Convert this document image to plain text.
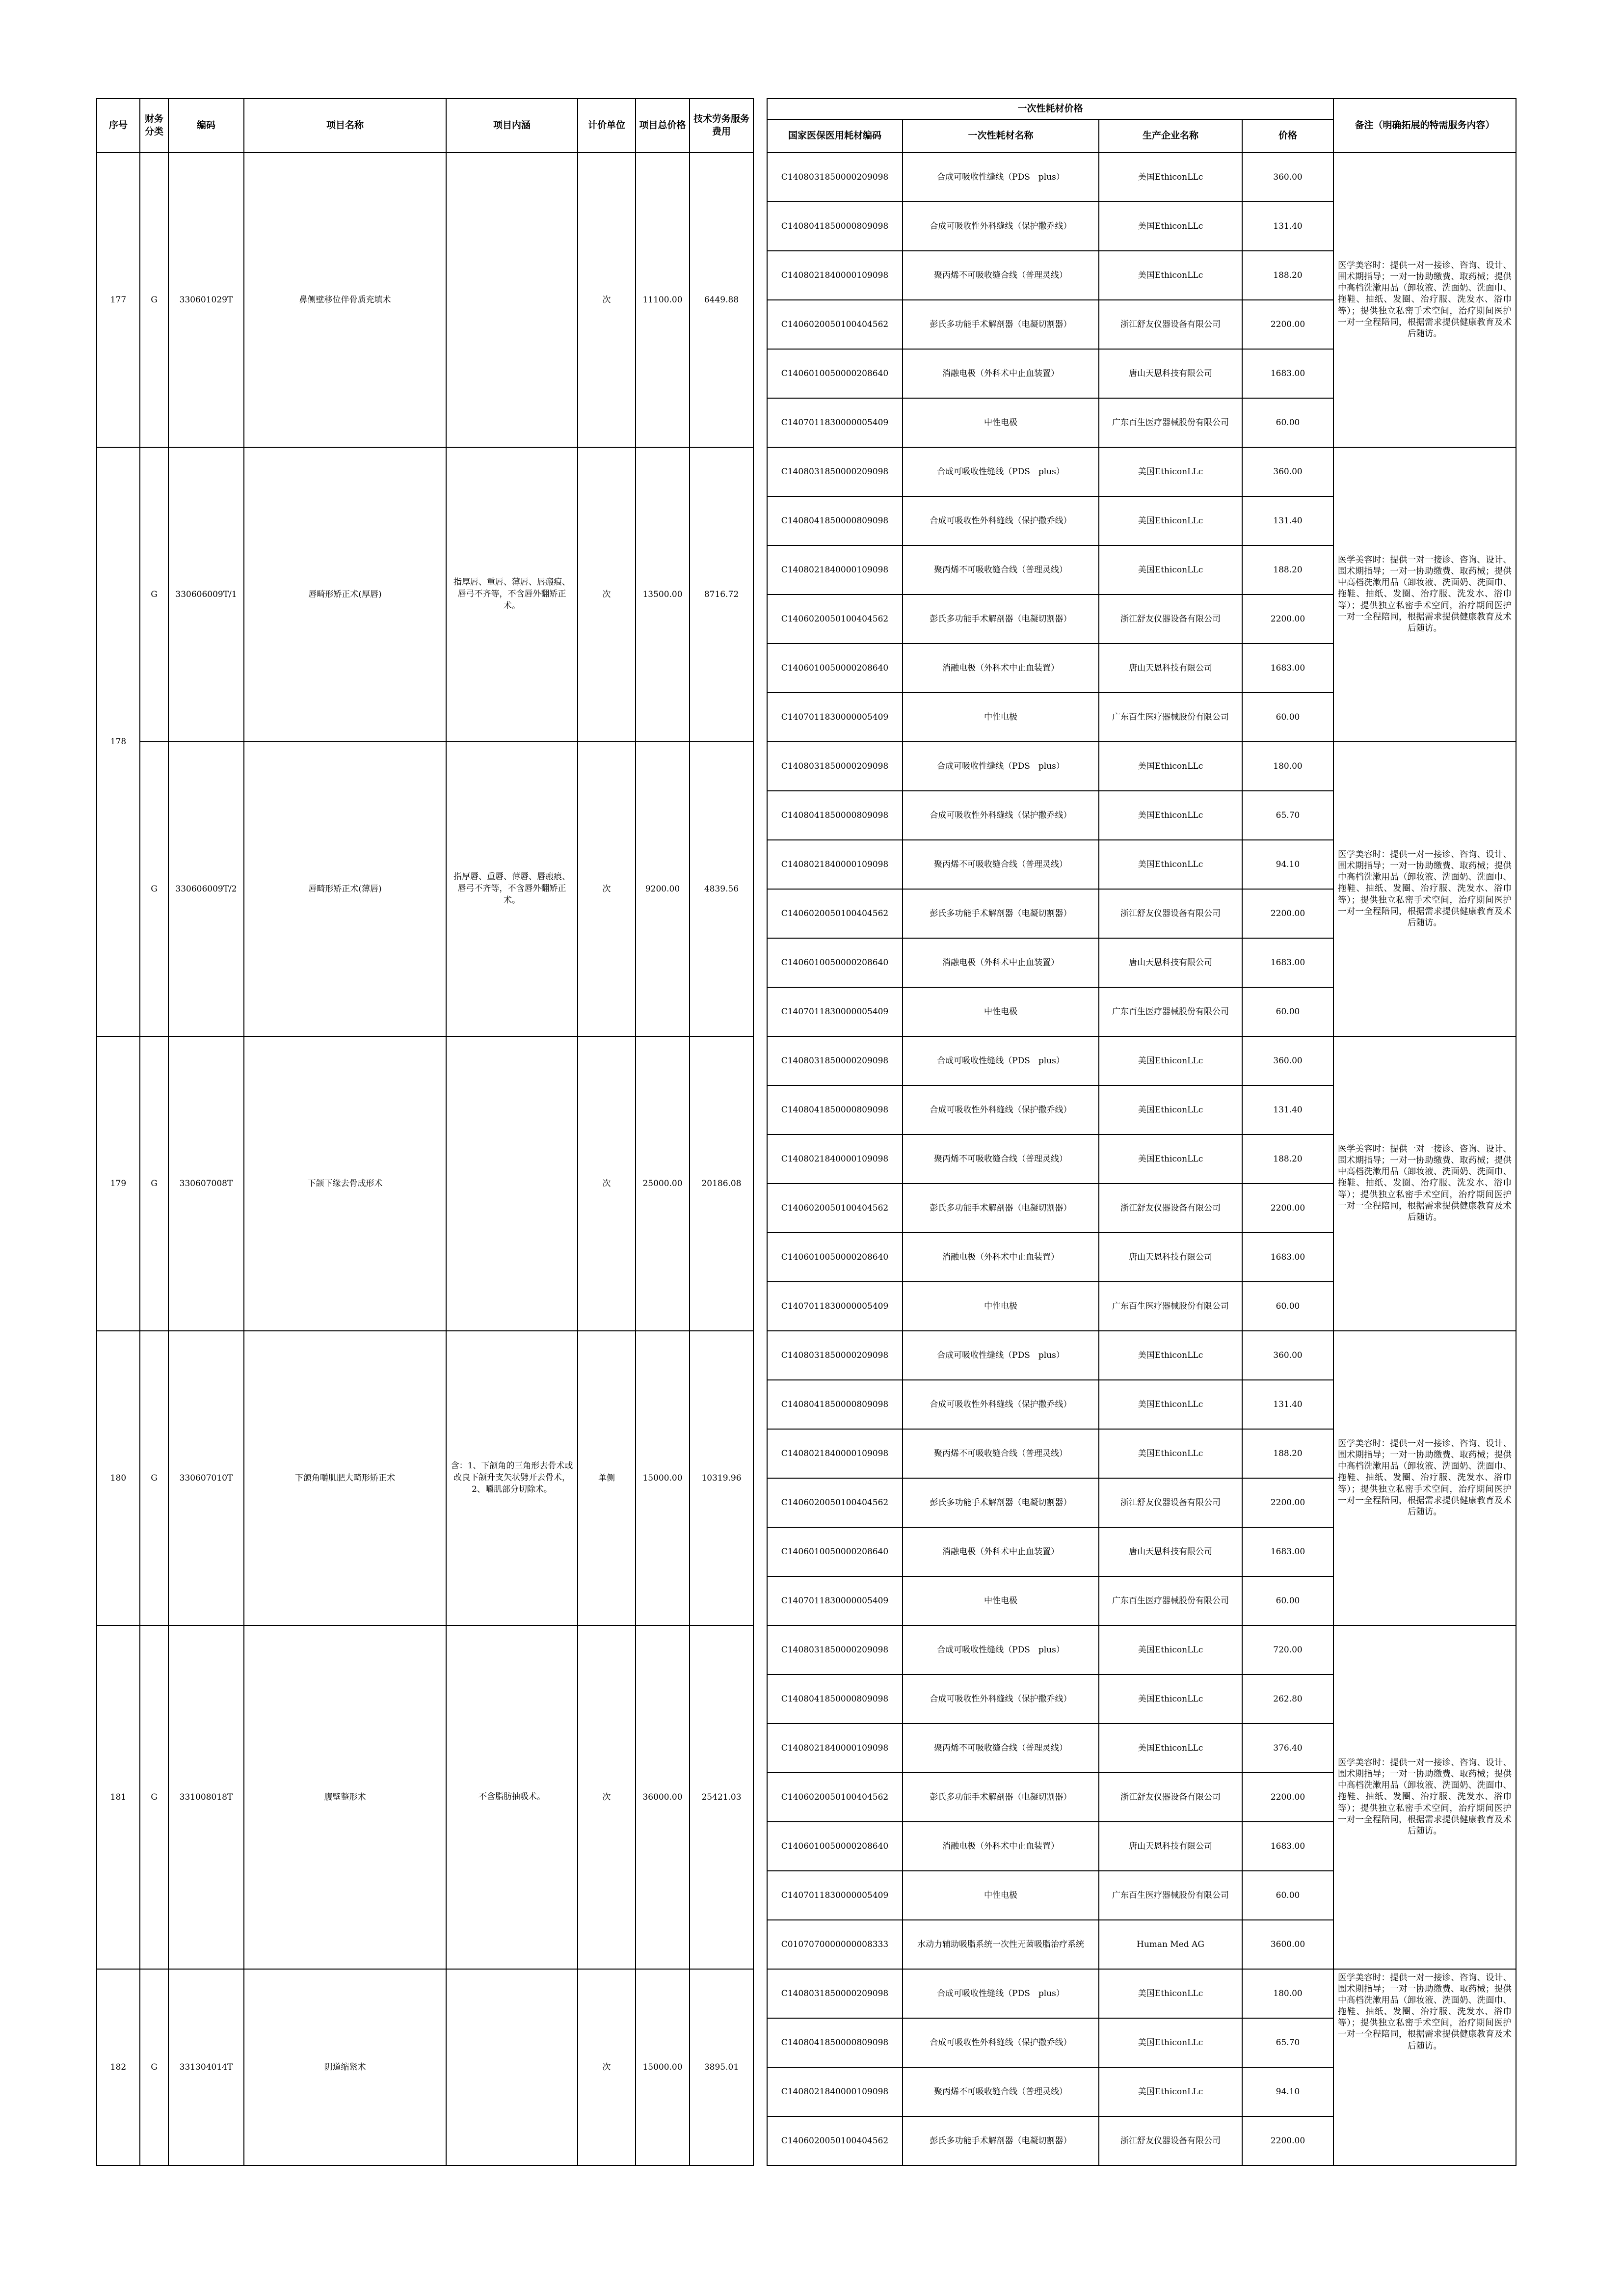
序号	财务分类	编码	项目名称	项目内涵	计价单位	项目总价格	技术劳务服务费用		一次性耗材价格				备注（明确拓展的特需服务内容）
									国家医保医用耗材编码	一次性耗材名称	生产企业名称	价格	
177	G	330601029T	鼻侧壁移位伴骨质充填术		次	11100.00	6449.88		C1408031850000209098	合成可吸收性缝线（PDS　plus）	美国EthiconLLc	360.00	医学美容时：提供一对一接诊、咨询、设计、围术期指导；一对一协助缴费、取药械；提供中高档洗漱用品（卸妆液、洗面奶、洗面巾、拖鞋、抽纸、发圈、治疗服、洗发水、浴巾等）；提供独立私密手术空间，治疗期间医护一对一全程陪同，根据需求提供健康教育及术后随访。
									C1408041850000809098	合成可吸收性外科缝线（保护撒乔线）	美国EthiconLLc	131.40	
									C1408021840000109098	聚丙烯不可吸收缝合线（普理灵线）	美国EthiconLLc	188.20	
									C1406020050100404562	彭氏多功能手术解剖器（电凝切割器）	浙江舒友仪器设备有限公司	2200.00	
									C1406010050000208640	消融电极（外科术中止血装置）	唐山天恩科技有限公司	1683.00	
									C1407011830000005409	中性电极	广东百生医疗器械股份有限公司	60.00	
178	G	330606009T/1	唇畸形矫正术(厚唇)	指厚唇、重唇、薄唇、唇瘢痕、唇弓不齐等，不含唇外翻矫正术。	次	13500.00	8716.72		C1408031850000209098	合成可吸收性缝线（PDS　plus）	美国EthiconLLc	360.00	医学美容时：提供一对一接诊、咨询、设计、围术期指导；一对一协助缴费、取药械；提供中高档洗漱用品（卸妆液、洗面奶、洗面巾、拖鞋、抽纸、发圈、治疗服、洗发水、浴巾等）；提供独立私密手术空间，治疗期间医护一对一全程陪同，根据需求提供健康教育及术后随访。
									C1408041850000809098	合成可吸收性外科缝线（保护撒乔线）	美国EthiconLLc	131.40	
									C1408021840000109098	聚丙烯不可吸收缝合线（普理灵线）	美国EthiconLLc	188.20	
									C1406020050100404562	彭氏多功能手术解剖器（电凝切割器）	浙江舒友仪器设备有限公司	2200.00	
									C1406010050000208640	消融电极（外科术中止血装置）	唐山天恩科技有限公司	1683.00	
									C1407011830000005409	中性电极	广东百生医疗器械股份有限公司	60.00	
	G	330606009T/2	唇畸形矫正术(薄唇)	指厚唇、重唇、薄唇、唇瘢痕、唇弓不齐等，不含唇外翻矫正术。	次	9200.00	4839.56		C1408031850000209098	合成可吸收性缝线（PDS　plus）	美国EthiconLLc	180.00	医学美容时：提供一对一接诊、咨询、设计、围术期指导；一对一协助缴费、取药械；提供中高档洗漱用品（卸妆液、洗面奶、洗面巾、拖鞋、抽纸、发圈、治疗服、洗发水、浴巾等）；提供独立私密手术空间，治疗期间医护一对一全程陪同，根据需求提供健康教育及术后随访。
									C1408041850000809098	合成可吸收性外科缝线（保护撒乔线）	美国EthiconLLc	65.70	
									C1408021840000109098	聚丙烯不可吸收缝合线（普理灵线）	美国EthiconLLc	94.10	
									C1406020050100404562	彭氏多功能手术解剖器（电凝切割器）	浙江舒友仪器设备有限公司	2200.00	
									C1406010050000208640	消融电极（外科术中止血装置）	唐山天恩科技有限公司	1683.00	
									C1407011830000005409	中性电极	广东百生医疗器械股份有限公司	60.00	
179	G	330607008T	下颌下缘去骨成形术		次	25000.00	20186.08		C1408031850000209098	合成可吸收性缝线（PDS　plus）	美国EthiconLLc	360.00	医学美容时：提供一对一接诊、咨询、设计、围术期指导；一对一协助缴费、取药械；提供中高档洗漱用品（卸妆液、洗面奶、洗面巾、拖鞋、抽纸、发圈、治疗服、洗发水、浴巾等）；提供独立私密手术空间，治疗期间医护一对一全程陪同，根据需求提供健康教育及术后随访。
									C1408041850000809098	合成可吸收性外科缝线（保护撒乔线）	美国EthiconLLc	131.40	
									C1408021840000109098	聚丙烯不可吸收缝合线（普理灵线）	美国EthiconLLc	188.20	
									C1406020050100404562	彭氏多功能手术解剖器（电凝切割器）	浙江舒友仪器设备有限公司	2200.00	
									C1406010050000208640	消融电极（外科术中止血装置）	唐山天恩科技有限公司	1683.00	
									C1407011830000005409	中性电极	广东百生医疗器械股份有限公司	60.00	
180	G	330607010T	下颌角嚼肌肥大畸形矫正术	含：1、下颌角的三角形去骨术或改良下颌升支矢状劈开去骨术，2、嚼肌部分切除术。	单侧	15000.00	10319.96		C1408031850000209098	合成可吸收性缝线（PDS　plus）	美国EthiconLLc	360.00	医学美容时：提供一对一接诊、咨询、设计、围术期指导；一对一协助缴费、取药械；提供中高档洗漱用品（卸妆液、洗面奶、洗面巾、拖鞋、抽纸、发圈、治疗服、洗发水、浴巾等）；提供独立私密手术空间，治疗期间医护一对一全程陪同，根据需求提供健康教育及术后随访。
									C1408041850000809098	合成可吸收性外科缝线（保护撒乔线）	美国EthiconLLc	131.40	
									C1408021840000109098	聚丙烯不可吸收缝合线（普理灵线）	美国EthiconLLc	188.20	
									C1406020050100404562	彭氏多功能手术解剖器（电凝切割器）	浙江舒友仪器设备有限公司	2200.00	
									C1406010050000208640	消融电极（外科术中止血装置）	唐山天恩科技有限公司	1683.00	
									C1407011830000005409	中性电极	广东百生医疗器械股份有限公司	60.00	
181	G	331008018T	腹壁整形术	不含脂肪抽吸术。	次	36000.00	25421.03		C1408031850000209098	合成可吸收性缝线（PDS　plus）	美国EthiconLLc	720.00	医学美容时：提供一对一接诊、咨询、设计、围术期指导；一对一协助缴费、取药械；提供中高档洗漱用品（卸妆液、洗面奶、洗面巾、拖鞋、抽纸、发圈、治疗服、洗发水、浴巾等）；提供独立私密手术空间，治疗期间医护一对一全程陪同，根据需求提供健康教育及术后随访。
									C1408041850000809098	合成可吸收性外科缝线（保护撒乔线）	美国EthiconLLc	262.80	
									C1408021840000109098	聚丙烯不可吸收缝合线（普理灵线）	美国EthiconLLc	376.40	
									C1406020050100404562	彭氏多功能手术解剖器（电凝切割器）	浙江舒友仪器设备有限公司	2200.00	
									C1406010050000208640	消融电极（外科术中止血装置）	唐山天恩科技有限公司	1683.00	
									C1407011830000005409	中性电极	广东百生医疗器械股份有限公司	60.00	
									C0107070000000008333	水动力辅助吸脂系统一次性无菌吸脂治疗系统	Human Med AG	3600.00	
182	G	331304014T	阴道缩紧术		次	15000.00	3895.01		C1408031850000209098	合成可吸收性缝线（PDS　plus）	美国EthiconLLc	180.00	医学美容时：提供一对一接诊、咨询、设计、围术期指导；一对一协助缴费、取药械；提供中高档洗漱用品（卸妆液、洗面奶、洗面巾、拖鞋、抽纸、发圈、治疗服、洗发水、浴巾等）；提供独立私密手术空间，治疗期间医护一对一全程陪同，根据需求提供健康教育及术后随访。
									C1408041850000809098	合成可吸收性外科缝线（保护撒乔线）	美国EthiconLLc	65.70	
									C1408021840000109098	聚丙烯不可吸收缝合线（普理灵线）	美国EthiconLLc	94.10	
									C1406020050100404562	彭氏多功能手术解剖器（电凝切割器）	浙江舒友仪器设备有限公司	2200.00	
